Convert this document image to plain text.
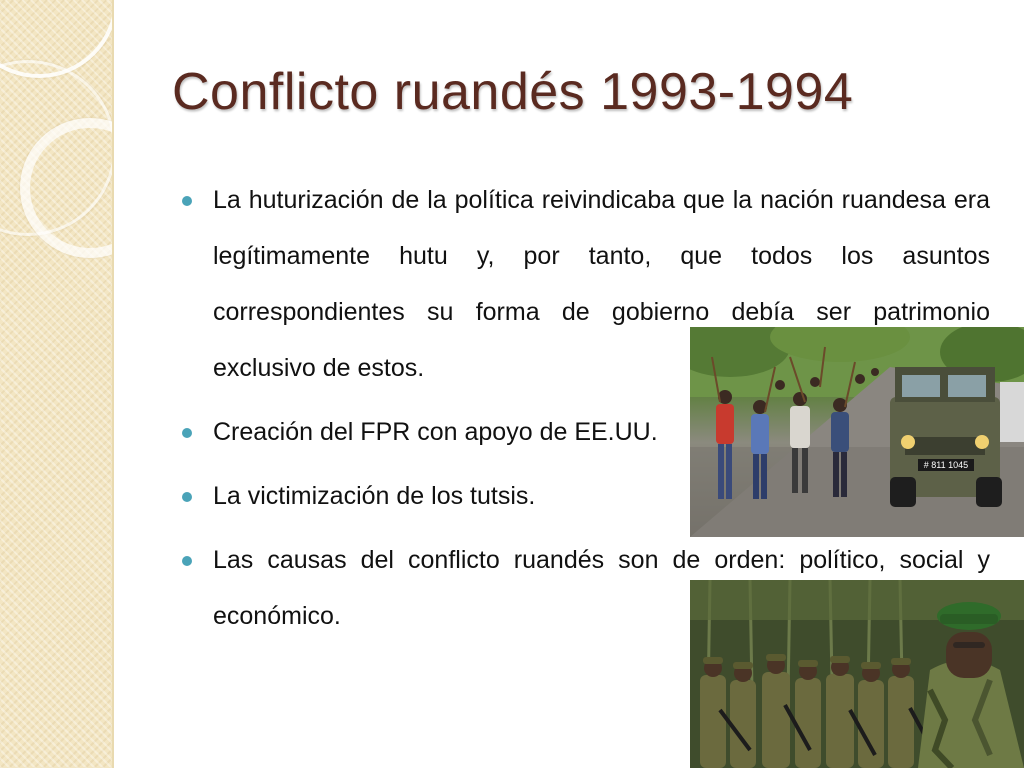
Conflicto ruandés 1993-1994
La huturización de la política reivindicaba que la nación ruandesa era legítimamente hutu y, por tanto, que todos los asuntos correspondientes su forma de gobierno debía ser patrimonio exclusivo de estos.
Creación del FPR con apoyo de EE.UU.
La victimización de los tutsis.
Las causas del conflicto ruandés son de orden: político, social y económico.
# 811 1045
